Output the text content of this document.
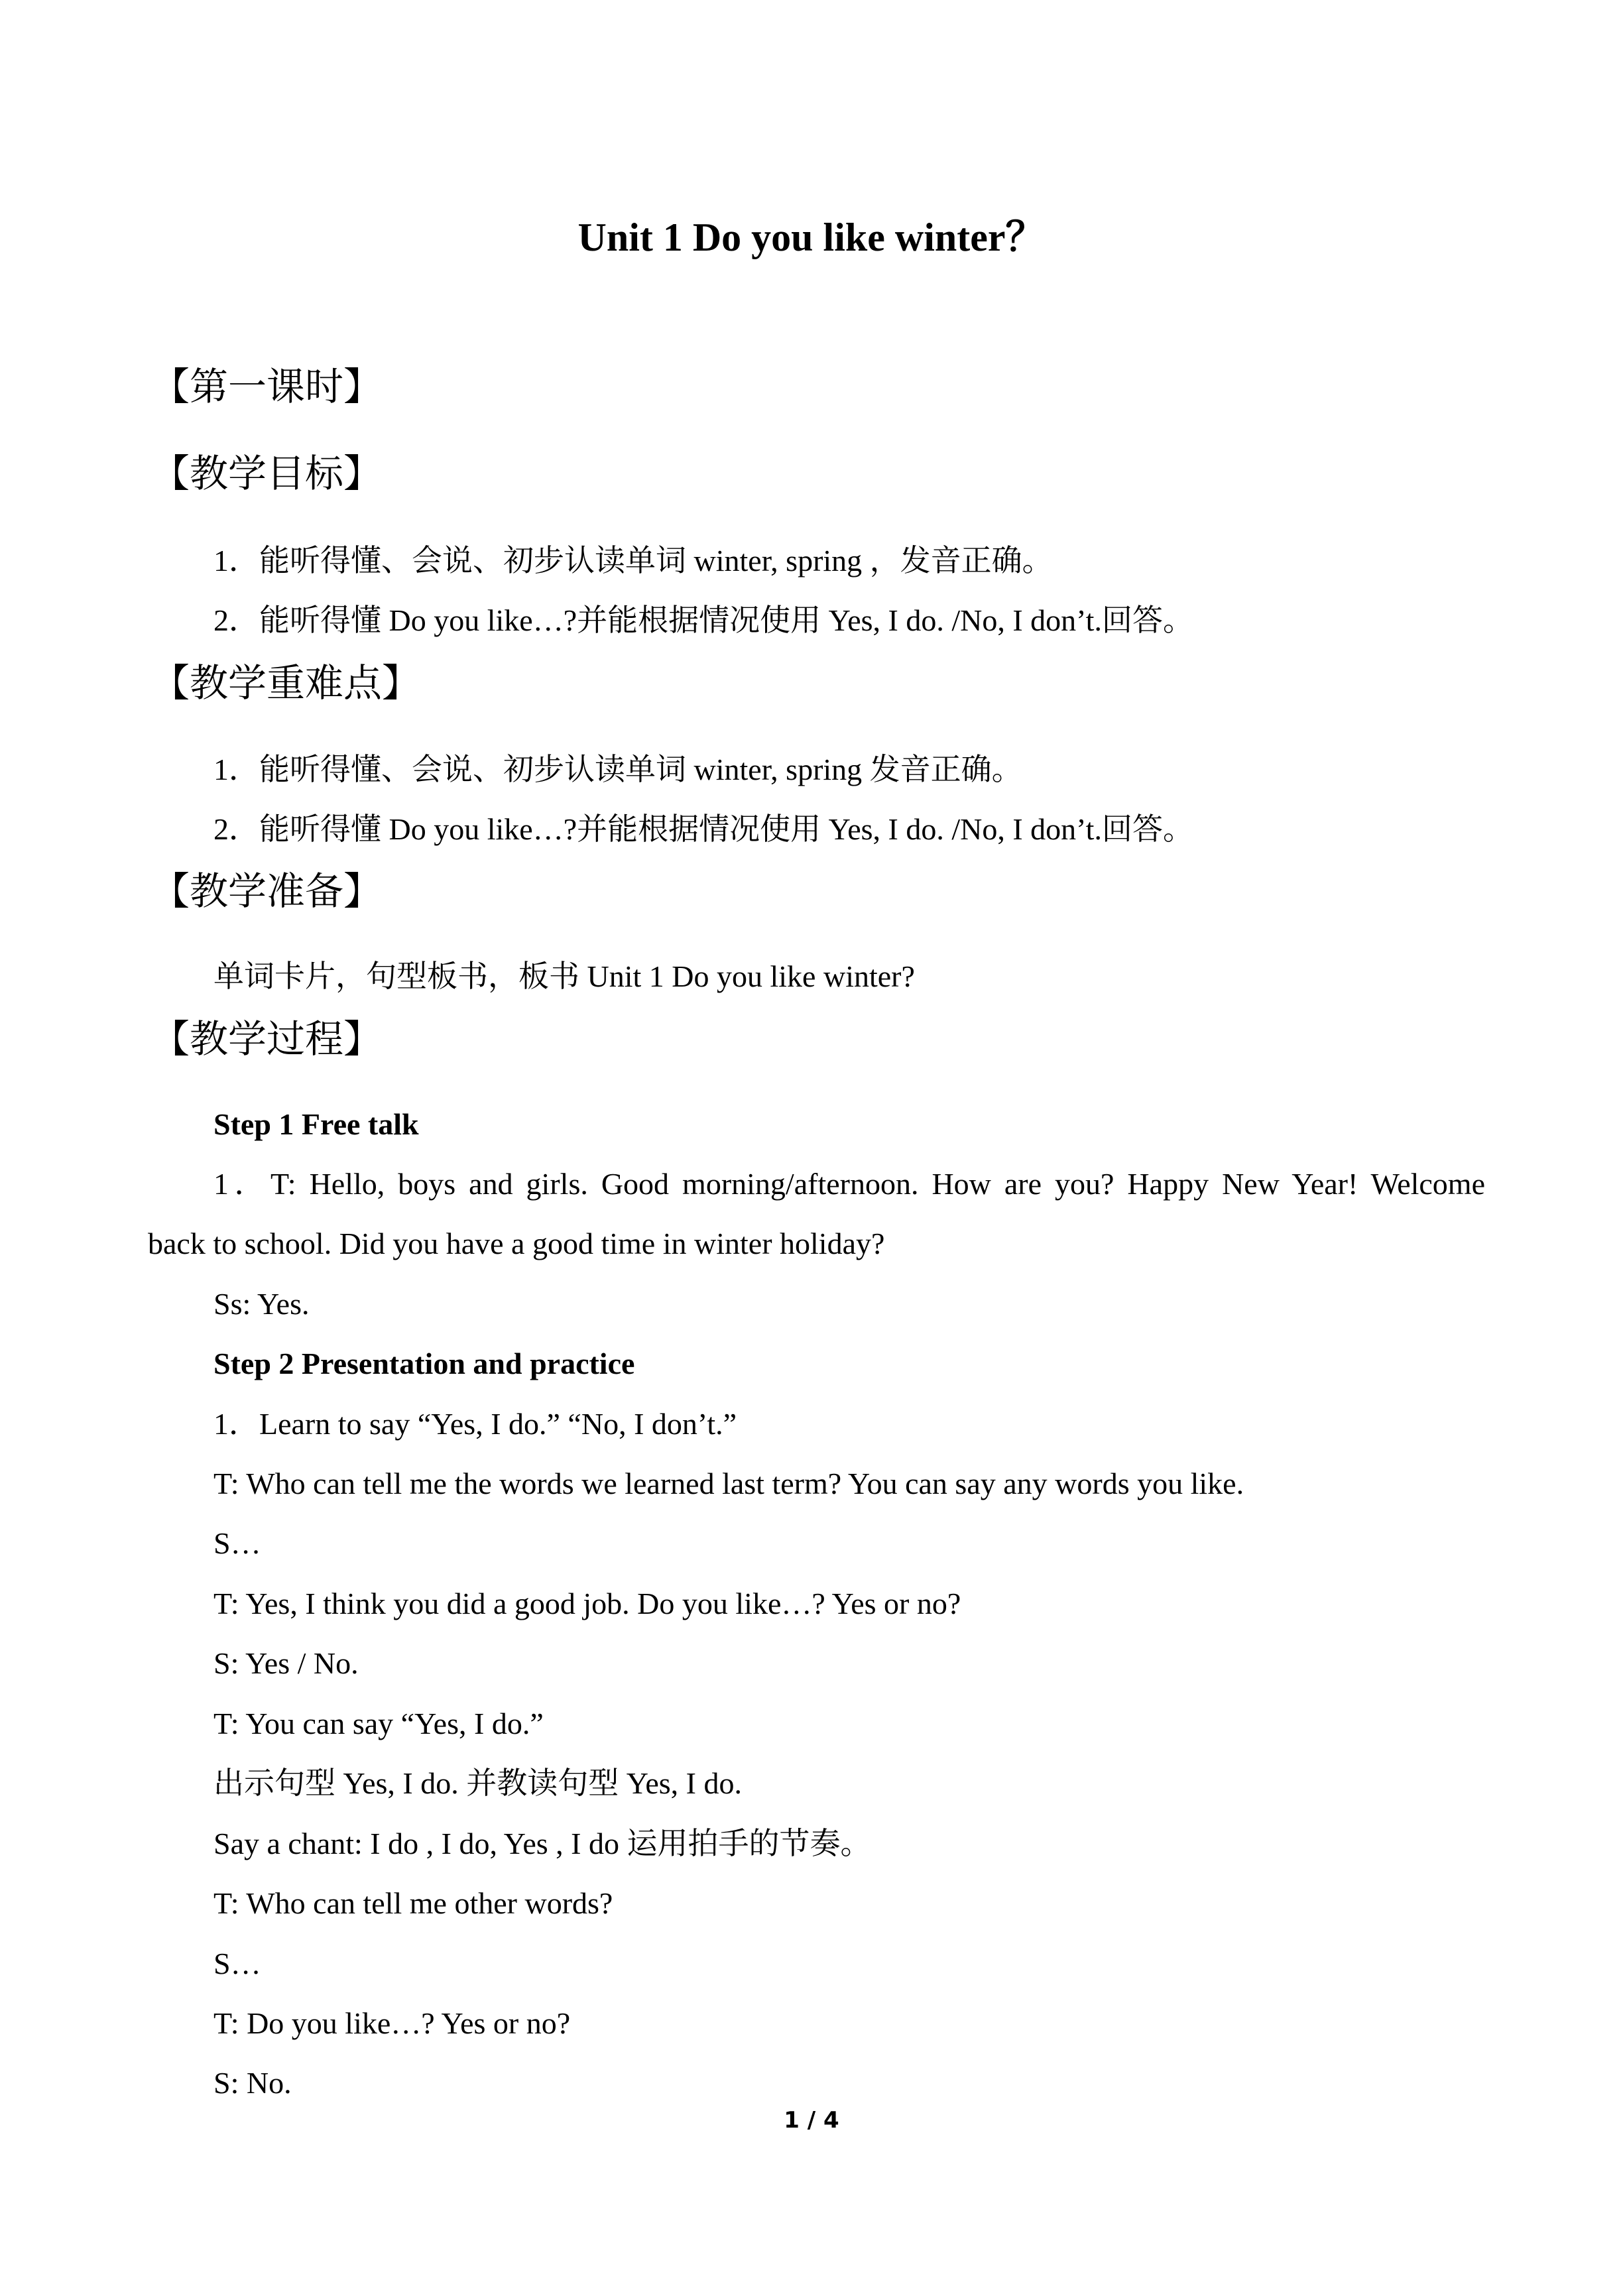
Unit 1 Do you like winter？
【第一课时】
【教学目标】
1．能听得懂、会说、初步认读单词 winter, spring ，发音正确。
2．能听得懂 Do you like…?并能根据情况使用 Yes, I do. /No, I don’t.回答。
【教学重难点】
1．能听得懂、会说、初步认读单词 winter, spring 发音正确。
2．能听得懂 Do you like…?并能根据情况使用 Yes, I do. /No, I don’t.回答。
【教学准备】
单词卡片，句型板书，板书 Unit 1 Do you like winter?
【教学过程】
Step 1 Free talk
1．T: Hello, boys and girls. Good morning/afternoon. How are you? Happy New Year! Welcome
back to school. Did you have a good time in winter holiday?
Ss: Yes.
Step 2 Presentation and practice
1．Learn to say “Yes, I do.” “No, I don’t.”
T: Who can tell me the words we learned last term? You can say any words you like.
S…
T: Yes, I think you did a good job. Do you like…? Yes or no?
S: Yes / No.
T: You can say “Yes, I do.”
出示句型 Yes, I do. 并教读句型 Yes, I do.
Say a chant: I do , I do, Yes , I do 运用拍手的节奏。
T: Who can tell me other words?
S…
T: Do you like…? Yes or no?
S: No.
1 / 4
